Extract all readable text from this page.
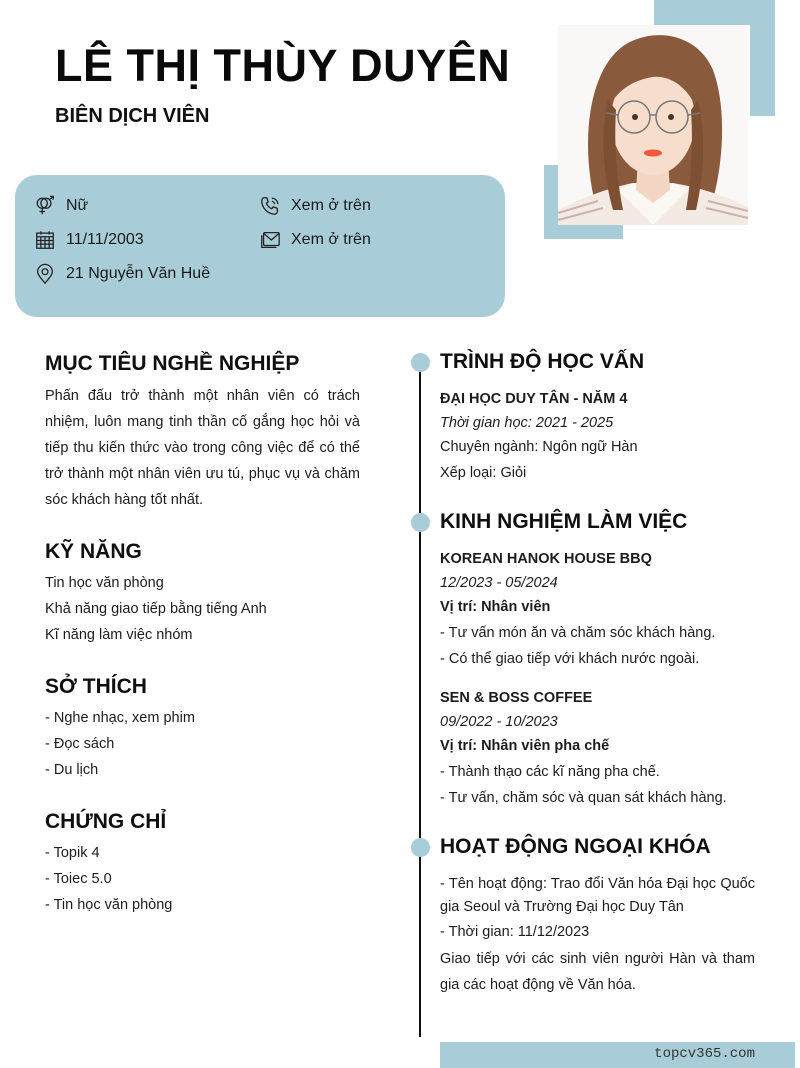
LÊ THỊ THÙY DUYÊN
BIÊN DỊCH VIÊN
Nữ
11/11/2003
21 Nguyễn Văn Huề
Xem ở trên
Xem ở trên
MỤC TIÊU NGHỀ NGHIỆP
Phấn đấu trở thành một nhân viên có trách nhiệm, luôn mang tinh thần cố gắng học hỏi và tiếp thu kiến thức vào trong công việc để có thể trở thành một nhân viên ưu tú, phục vụ và chăm sóc khách hàng tốt nhất.
KỸ NĂNG
Tin học văn phòng
Khả năng giao tiếp bằng tiếng Anh
Kĩ năng làm việc nhóm
SỞ THÍCH
- Nghe nhạc, xem phim
- Đọc sách
- Du lịch
CHỨNG CHỈ
- Topik 4
- Toiec 5.0
- Tin học văn phòng
TRÌNH ĐỘ HỌC VẤN
ĐẠI HỌC DUY TÂN - NĂM 4
Thời gian học: 2021 - 2025
Chuyên ngành: Ngôn ngữ Hàn
Xếp loại: Giỏi
KINH NGHIỆM LÀM VIỆC
KOREAN HANOK HOUSE BBQ
12/2023 - 05/2024
Vị trí: Nhân viên
- Tư vấn món ăn và chăm sóc khách hàng.
- Có thể giao tiếp với khách nước ngoài.
SEN & BOSS COFFEE
09/2022 - 10/2023
Vị trí: Nhân viên pha chế
- Thành thạo các kĩ năng pha chế.
- Tư vấn, chăm sóc và quan sát khách hàng.
HOẠT ĐỘNG NGOẠI KHÓA
- Tên hoạt động: Trao đổi Văn hóa Đại học Quốc gia Seoul và Trường Đại học Duy Tân
- Thời gian: 11/12/2023
Giao tiếp với các sinh viên người Hàn và tham gia các hoạt động về Văn hóa.
topcv365.com
